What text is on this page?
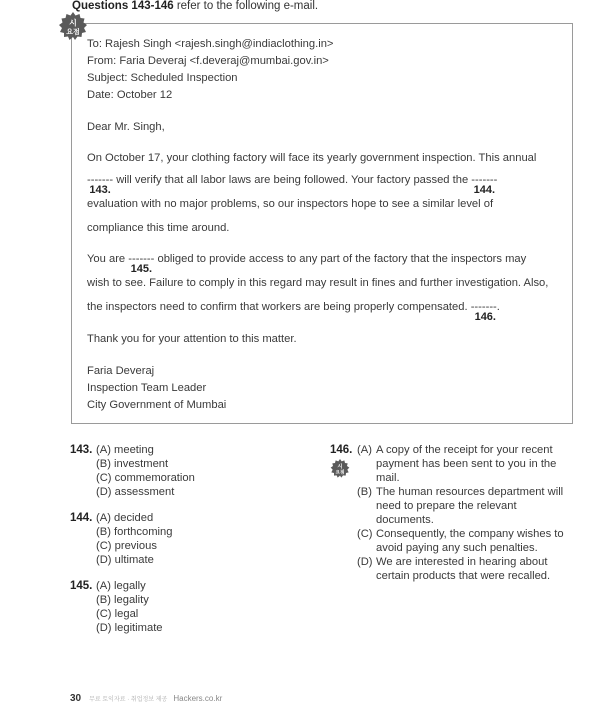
Questions 143-146 refer to the following e-mail.
시
요점
To: Rajesh Singh <rajesh.singh@indiaclothing.in>
From: Faria Deveraj <f.deveraj@mumbai.gov.in>
Subject: Scheduled Inspection
Date: October 12
Dear Mr. Singh,
On October 17, your clothing factory will face its yearly government inspection. This annual
-------
143.
will verify that all labor laws are being followed. Your factory passed the -------
144.
evaluation with no major problems, so our inspectors hope to see a similar level of
compliance this time around.
You are -------
145.
obliged to provide access to any part of the factory that the inspectors may
wish to see. Failure to comply in this regard may result in fines and further investigation. Also,
the inspectors need to confirm that workers are being properly compensated. -------.
146.
Thank you for your attention to this matter.
Faria Deveraj
Inspection Team Leader
City Government of Mumbai
143. (A) meeting
(B) investment
(C) commemoration
(D) assessment
144. (A) decided
(B) forthcoming
(C) previous
(D) ultimate
145. (A) legally
(B) legality
(C) legal
(D) legitimate
146.
시
요점
(A) A copy of the receipt for your recent
payment has been sent to you in the
mail.
(B) The human resources department will
need to prepare the relevant
documents.
(C) Consequently, the company wishes to
avoid paying any such penalties.
(D) We are interested in hearing about
certain products that were recalled.
30 무료 토익자료 · 취업정보 제공 Hackers.co.kr
